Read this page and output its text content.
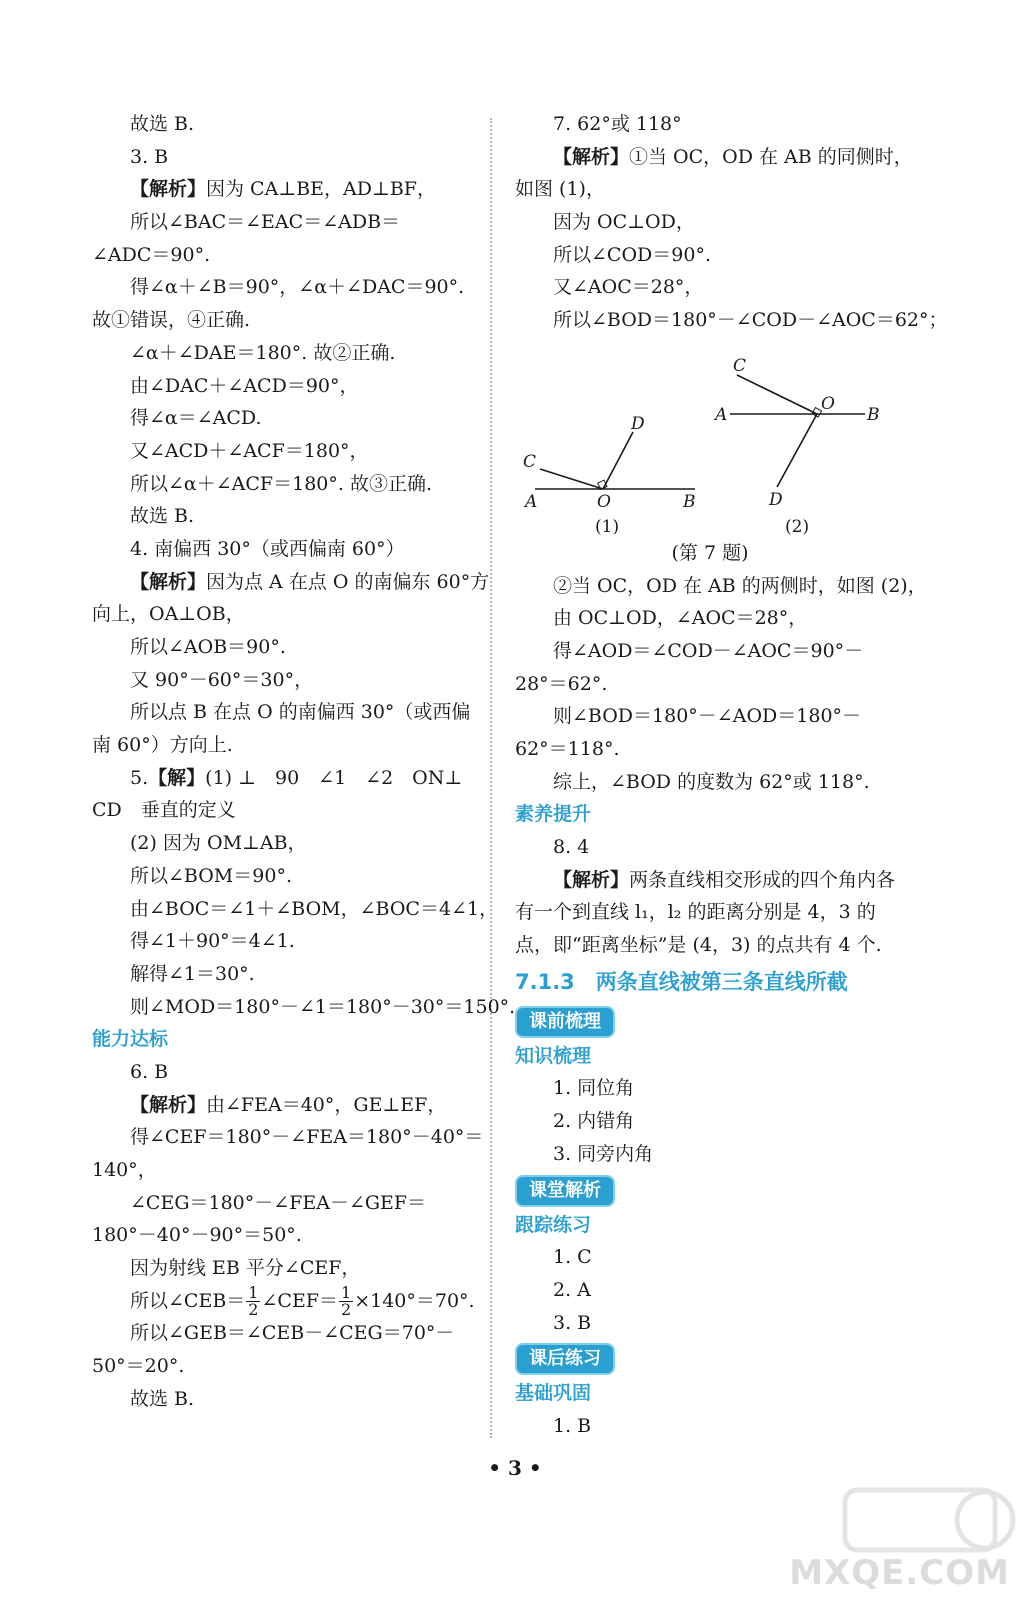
故选 B.
3. B
【解析】因为 CA⊥BE，AD⊥BF，
所以∠BAC＝∠EAC＝∠ADB＝
∠ADC＝90°.
得∠α＋∠B＝90°，∠α＋∠DAC＝90°.
故①错误，④正确.
∠α＋∠DAE＝180°. 故②正确.
由∠DAC＋∠ACD＝90°，
得∠α＝∠ACD.
又∠ACD＋∠ACF＝180°，
所以∠α＋∠ACF＝180°. 故③正确.
故选 B.
4. 南偏西 30°（或西偏南 60°）
【解析】因为点 A 在点 O 的南偏东 60°方
向上，OA⊥OB，
所以∠AOB＝90°.
又 90°－60°＝30°，
所以点 B 在点 O 的南偏西 30°（或西偏
南 60°）方向上.
5.【解】(1) ⊥　90　∠1　∠2　ON⊥
CD　垂直的定义
(2) 因为 OM⊥AB，
所以∠BOM＝90°.
由∠BOC＝∠1＋∠BOM，∠BOC＝4∠1，
得∠1＋90°＝4∠1.
解得∠1＝30°.
则∠MOD＝180°－∠1＝180°－30°＝150°.
能力达标
6. B
【解析】由∠FEA＝40°，GE⊥EF，
得∠CEF＝180°－∠FEA＝180°－40°＝
140°，
∠CEG＝180°－∠FEA－∠GEF＝
180°－40°－90°＝50°.
因为射线 EB 平分∠CEF，
所以∠CEB＝ $\frac{1}{2}$ ∠CEF＝ $\frac{1}{2} \times 140^\circ=70^\circ$.
所以∠GEB＝∠CEB－∠CEG＝70°－
50°＝20°.
故选 B.
7. 62°或 118°
【解析】①当 OC，OD 在 AB 的同侧时，
如图 (1)，
因为 OC⊥OD，
所以∠COD＝90°.
又∠AOC＝28°，
所以∠BOD＝180°－∠COD－∠AOC＝62°；
A	O	B
C
D
(1)
A
O
B
C
D
(2)
(第 7 题)
②当 OC，OD 在 AB 的两侧时，如图 (2)，
由 OC⊥OD，∠AOC＝28°，
得∠AOD＝∠COD－∠AOC＝90°－
28°＝62°.
则∠BOD＝180°－∠AOD＝180°－
62°＝118°.
综上，∠BOD 的度数为 62°或 118°.
素养提升
8. 4
【解析】两条直线相交形成的四个角内各
有一个到直线 l₁，l₂ 的距离分别是 4，3 的
点，即“距离坐标”是 (4，3) 的点共有 4 个.
7.1.3　两条直线被第三条直线所截
课前梳理
知识梳理
1. 同位角
2. 内错角
3. 同旁内角
课堂解析
跟踪练习
1. C
2. A
3. B
课后练习
基础巩固
1. B
• 3 •
MXQE.COM
